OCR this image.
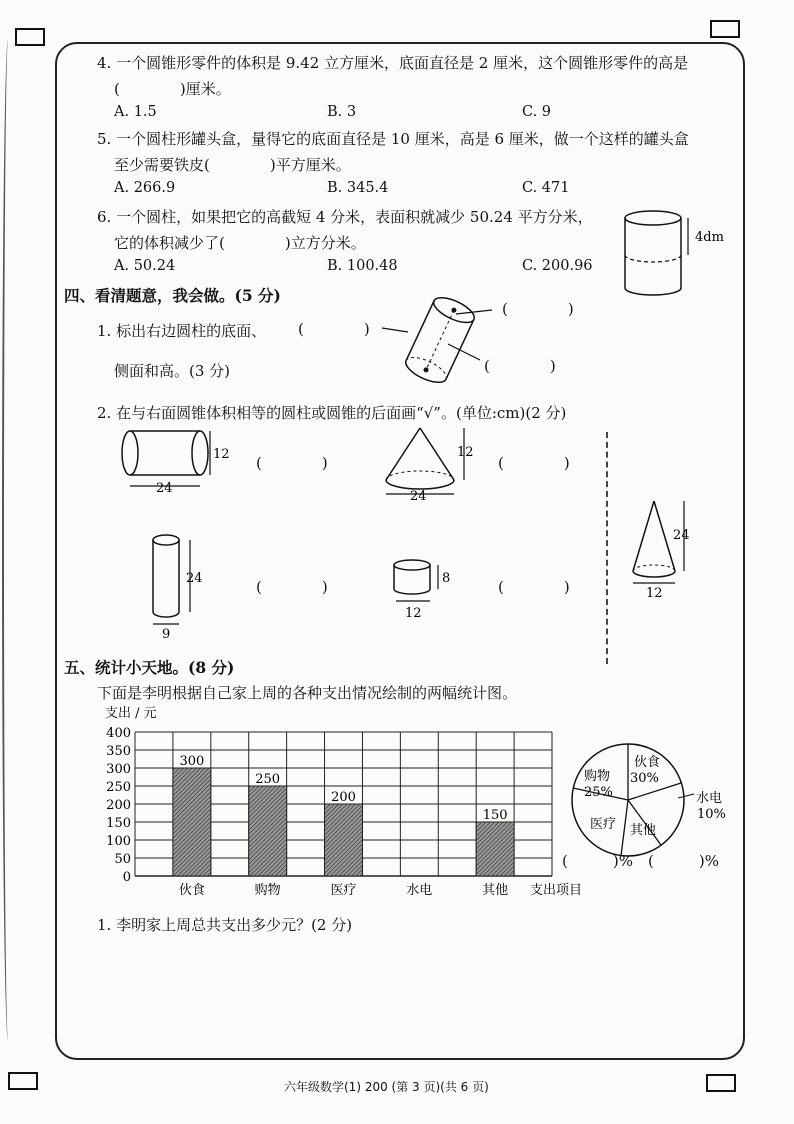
4. 一个圆锥形零件的体积是 9.42 立方厘米，底面直径是 2 厘米，这个圆锥形零件的高是
(　　　　)厘米。
A. 1.5	B. 3	C. 9
5. 一个圆柱形罐头盒，量得它的底面直径是 10 厘米，高是 6 厘米，做一个这样的罐头盒
至少需要铁皮(　　　　)平方厘米。
A. 266.9	B. 345.4	C. 471
6. 一个圆柱，如果把它的高截短 4 分米，表面积就减少 50.24 平方分米，
它的体积减少了(　　　　)立方分米。
A. 50.24	B. 100.48	C. 200.96
4dm
四、看清题意，我会做。(5 分)
1. 标出右边圆柱的底面、 (　　　　)
侧面和高。(3 分)
(　　　　)
(　　　　)
2. 在与右面圆锥体积相等的圆柱或圆锥的后面画“√”。(单位:cm)(2 分)
12
24
(　　　　)
12
24
(　　　　)
24
9
(　　　　)	8
12
(　　　　)
24
12
五、统计小天地。(8 分)
下面是李明根据自己家上周的各种支出情况绘制的两幅统计图。
支出 / 元
300
250
200
150
400
350
300
250
200
150
100
50
0
伙食	购物	医疗	水电	其他 支出项目
伙食
30%
购物
25%
医疗 其他
水电
10%
(　　　)% (　　　)%
1. 李明家上周总共支出多少元？(2 分)
六年级数学(1) 200 (第 3 页)(共 6 页)
